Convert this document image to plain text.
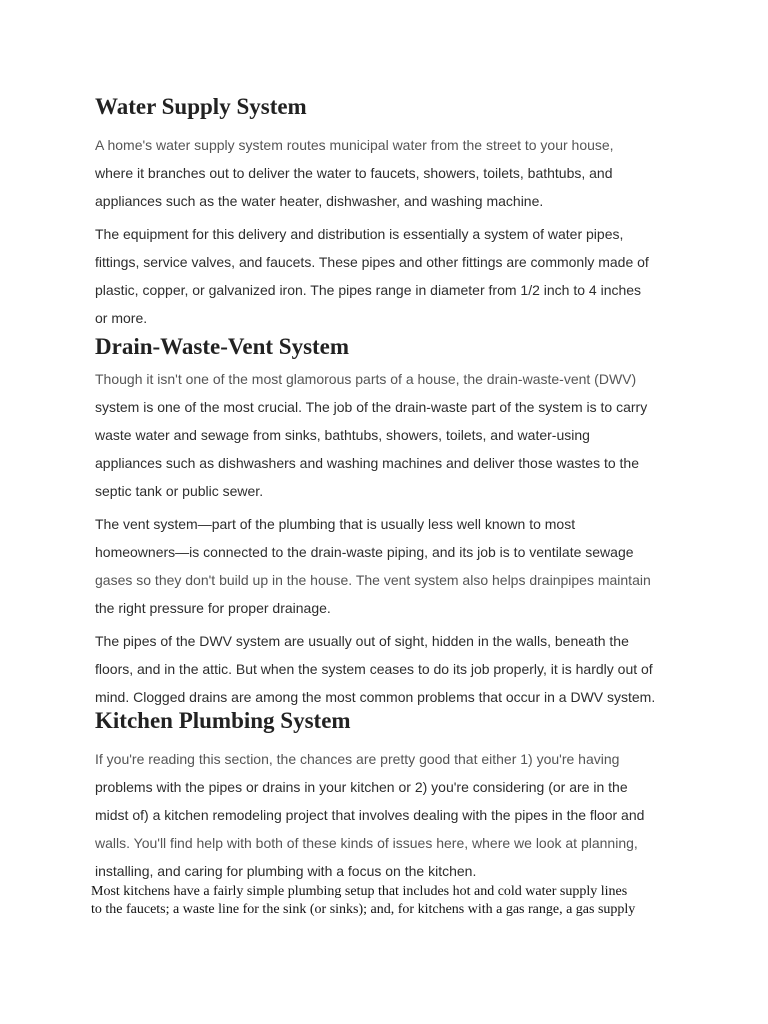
Water Supply System
A home's water supply system routes municipal water from the street to your house,
where it branches out to deliver the water to faucets, showers, toilets, bathtubs, and
appliances such as the water heater, dishwasher, and washing machine.
The equipment for this delivery and distribution is essentially a system of water pipes,
fittings, service valves, and faucets. These pipes and other fittings are commonly made of
plastic, copper, or galvanized iron. The pipes range in diameter from 1/2 inch to 4 inches
or more.
Drain-Waste-Vent System
Though it isn't one of the most glamorous parts of a house, the drain-waste-vent (DWV)
system is one of the most crucial. The job of the drain-waste part of the system is to carry
waste water and sewage from sinks, bathtubs, showers, toilets, and water-using
appliances such as dishwashers and washing machines and deliver those wastes to the
septic tank or public sewer.
The vent system—part of the plumbing that is usually less well known to most
homeowners—is connected to the drain-waste piping, and its job is to ventilate sewage
gases so they don't build up in the house. The vent system also helps drainpipes maintain
the right pressure for proper drainage.
The pipes of the DWV system are usually out of sight, hidden in the walls, beneath the
floors, and in the attic. But when the system ceases to do its job properly, it is hardly out of
mind. Clogged drains are among the most common problems that occur in a DWV system.
Kitchen Plumbing System
If you're reading this section, the chances are pretty good that either 1) you're having
problems with the pipes or drains in your kitchen or 2) you're considering (or are in the
midst of) a kitchen remodeling project that involves dealing with the pipes in the floor and
walls. You'll find help with both of these kinds of issues here, where we look at planning,
installing, and caring for plumbing with a focus on the kitchen.
Most kitchens have a fairly simple plumbing setup that includes hot and cold water supply lines
to the faucets; a waste line for the sink (or sinks); and, for kitchens with a gas range, a gas supply
